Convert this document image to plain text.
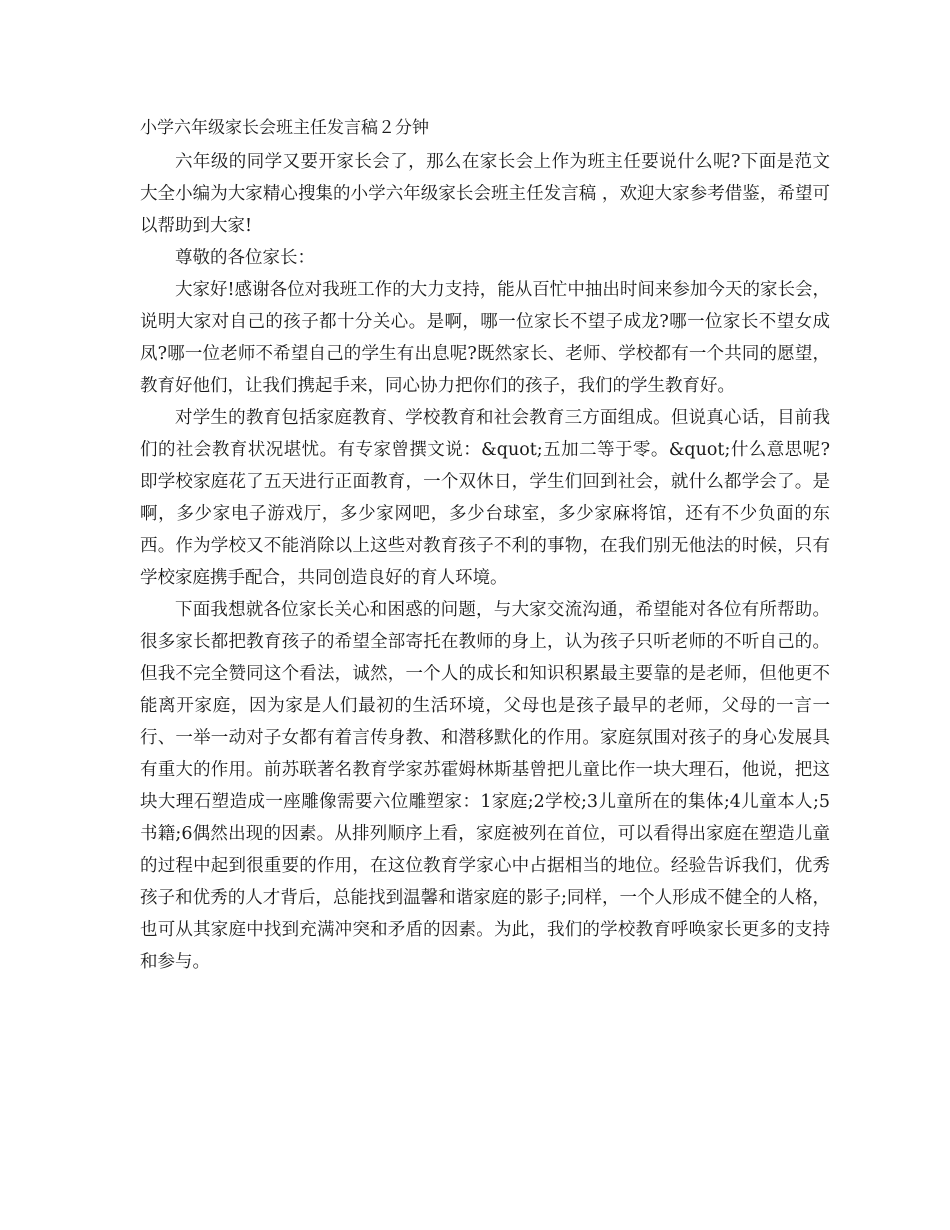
小学六年级家长会班主任发言稿２分钟

六年级的同学又要开家长会了，那么在家长会上作为班主任要说什么呢?下面是范文大全小编为大家精心搜集的小学六年级家长会班主任发言稿 ，欢迎大家参考借鉴，希望可以帮助到大家!

尊敬的各位家长：

大家好!感谢各位对我班工作的大力支持，能从百忙中抽出时间来参加今天的家长会，说明大家对自己的孩子都十分关心。是啊，哪一位家长不望子成龙?哪一位家长不望女成凤?哪一位老师不希望自己的学生有出息呢?既然家长、老师、学校都有一个共同的愿望，教育好他们，让我们携起手来，同心协力把你们的孩子，我们的学生教育好。

对学生的教育包括家庭教育、学校教育和社会教育三方面组成。但说真心话，目前我们的社会教育状况堪忧。有专家曾撰文说：&quot;五加二等于零。&quot;什么意思呢?即学校家庭花了五天进行正面教育，一个双休日，学生们回到社会，就什么都学会了。是啊，多少家电子游戏厅，多少家网吧，多少台球室，多少家麻将馆，还有不少负面的东西。作为学校又不能消除以上这些对教育孩子不利的事物，在我们别无他法的时候，只有学校家庭携手配合，共同创造良好的育人环境。

下面我想就各位家长关心和困惑的问题，与大家交流沟通，希望能对各位有所帮助。很多家长都把教育孩子的希望全部寄托在教师的身上，认为孩子只听老师的不听自己的。但我不完全赞同这个看法，诚然，一个人的成长和知识积累最主要靠的是老师，但他更不能离开家庭，因为家是人们最初的生活环境，父母也是孩子最早的老师，父母的一言一行、一举一动对子女都有着言传身教、和潜移默化的作用。家庭氛围对孩子的身心发展具有重大的作用。前苏联著名教育学家苏霍姆林斯基曾把儿童比作一块大理石，他说，把这块大理石塑造成一座雕像需要六位雕塑家：1家庭;2学校;3儿童所在的集体;4儿童本人;5书籍;6偶然出现的因素。从排列顺序上看，家庭被列在首位，可以看得出家庭在塑造儿童的过程中起到很重要的作用，在这位教育学家心中占据相当的地位。经验告诉我们，优秀孩子和优秀的人才背后，总能找到温馨和谐家庭的影子;同样，一个人形成不健全的人格，也可从其家庭中找到充满冲突和矛盾的因素。为此，我们的学校教育呼唤家长更多的支持和参与。
